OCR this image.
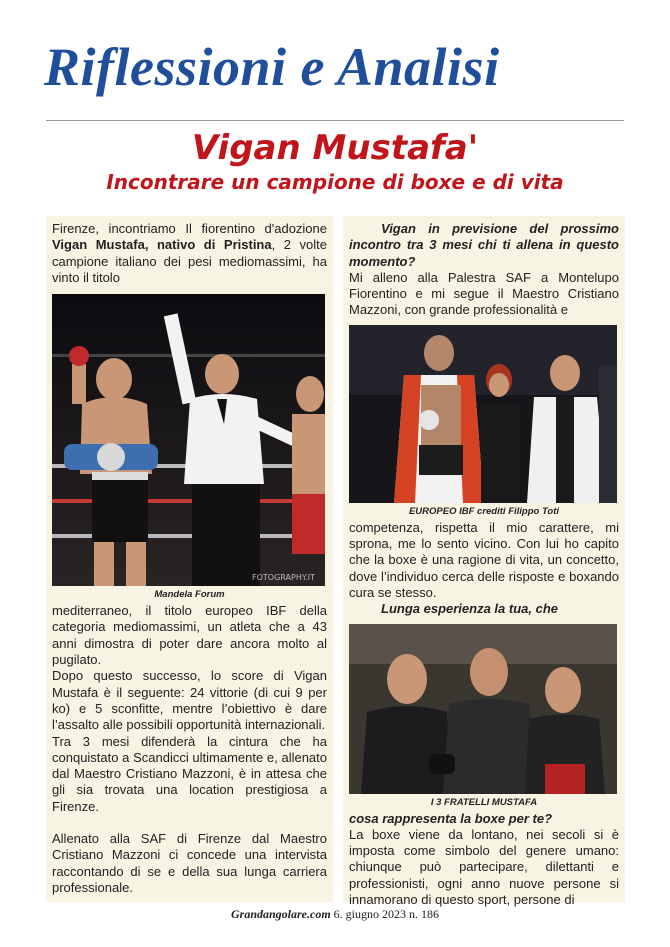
Riflessioni e Analisi
Vigan Mustafa'
Incontrare un campione di boxe e di vita
Firenze, incontriamo Il fiorentino d'adozione Vigan Mustafa, nativo di Pristina, 2 volte campione italiano dei pesi mediomassimi, ha vinto il titolo
FOTOGRAPHY.IT
Mandela Forum

mediterraneo, il titolo europeo IBF della categoria mediomassimi, un atleta che a 43 anni dimostra di poter dare ancora molto al pugilato.

Dopo questo successo, lo score di Vigan Mustafa è il seguente: 24 vittorie (di cui 9 per ko) e 5 sconfitte, mentre l’obiettivo è dare l’assalto alle possibili opportunità internazionali.

Tra 3 mesi difenderà la cintura che ha conquistato a Scandicci ultimamente e, allenato dal Maestro Cristiano Mazzoni, è in attesa che gli sia trovata una location prestigiosa a Firenze.

Allenato alla SAF di Firenze dal Maestro Cristiano Mazzoni ci concede una intervista raccontando di se e della sua lunga carriera professionale.

Vigan in previsione del prossimo incontro tra 3 mesi chi ti allena in questo momento?

Mi alleno alla Palestra SAF a Montelupo Fiorentino e mi segue il Maestro Cristiano Mazzoni, con grande professionalità e

EUROPEO IBF crediti Filippo Toti

competenza, rispetta il mio carattere, mi sprona, me lo sento vicino. Con lui ho capito che la boxe è una ragione di vita, un concetto, dove l’individuo cerca delle risposte e boxando cura se stesso.

Lunga esperienza la tua, che

I 3 FRATELLI MUSTAFA

cosa rappresenta la boxe per te?

La boxe viene da lontano, nei secoli si è imposta come simbolo del genere umano: chiunque può partecipare, dilettanti e professionisti, ogni anno nuove persone si innamorano di questo sport, persone di

Grandangolare.com 6. giugno 2023 n. 186
